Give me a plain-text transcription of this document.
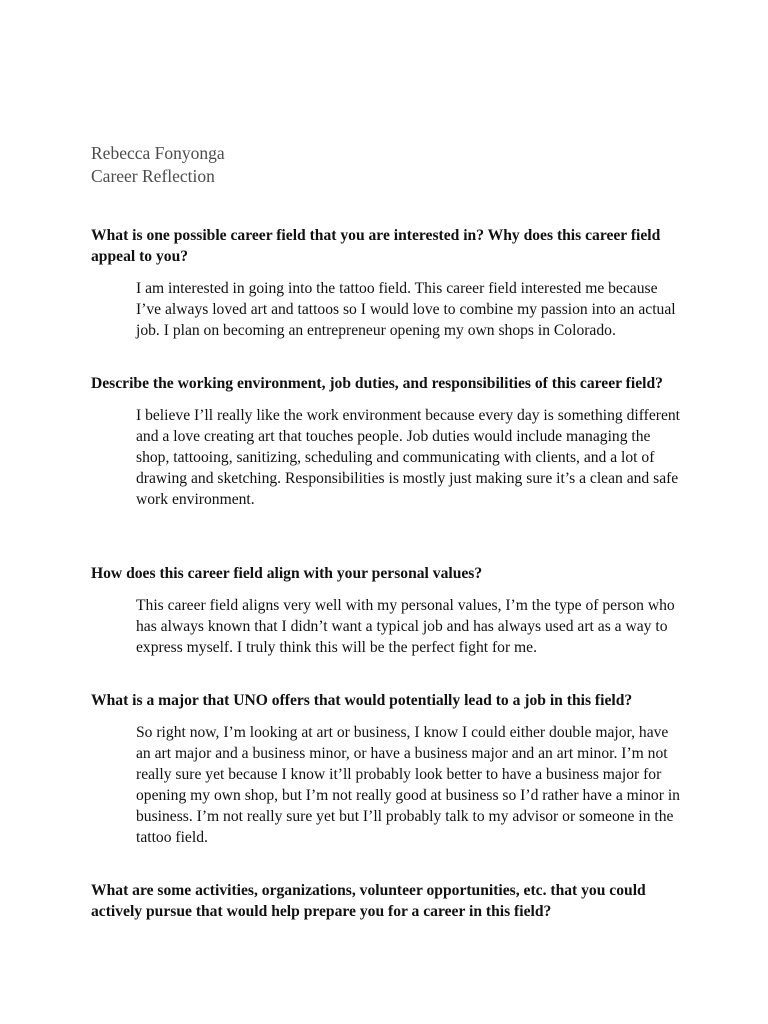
Rebecca Fonyonga
Career Reflection

What is one possible career field that you are interested in? Why does this career field appeal to you?

I am interested in going into the tattoo field. This career field interested me because I’ve always loved art and tattoos so I would love to combine my passion into an actual job. I plan on becoming an entrepreneur opening my own shops in Colorado.

Describe the working environment, job duties, and responsibilities of this career field?

I believe I’ll really like the work environment because every day is something different and a love creating art that touches people. Job duties would include managing the shop, tattooing, sanitizing, scheduling and communicating with clients, and a lot of drawing and sketching. Responsibilities is mostly just making sure it’s a clean and safe work environment.

How does this career field align with your personal values?

This career field aligns very well with my personal values, I’m the type of person who has always known that I didn’t want a typical job and has always used art as a way to express myself. I truly think this will be the perfect fight for me.

What is a major that UNO offers that would potentially lead to a job in this field?

So right now, I’m looking at art or business, I know I could either double major, have an art major and a business minor, or have a business major and an art minor. I’m not really sure yet because I know it’ll probably look better to have a business major for opening my own shop, but I’m not really good at business so I’d rather have a minor in business. I’m not really sure yet but I’ll probably talk to my advisor or someone in the tattoo field.

What are some activities, organizations, volunteer opportunities, etc. that you could actively pursue that would help prepare you for a career in this field?
